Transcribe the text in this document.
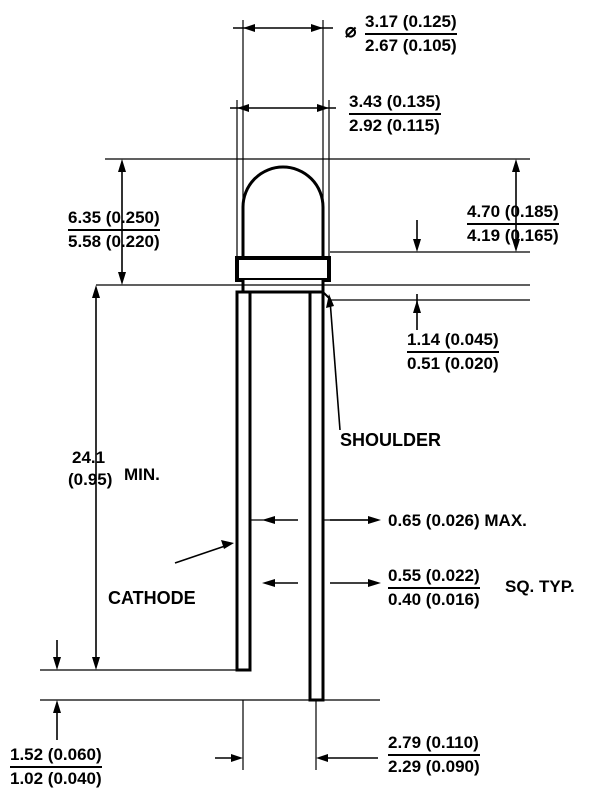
⌀ $\frac{3.17 (0.125)}{2.67 (0.105)}$
$\frac{3.43 (0.135)}{2.92 (0.115)}$
$\frac{6.35 (0.250)}{5.58 (0.220)}$	$\frac{4.70 (0.185)}{4.19 (0.165)}$
$\frac{1.14 (0.045)}{0.51 (0.020)}$
24.1
(0.95) MIN.
0.65 (0.026) MAX.
$\frac{0.55 (0.022)}{0.40 (0.016)}$ SQ. TYP.
$\frac{2.79 (0.110)}{2.29 (0.090)}$
$\frac{1.52 (0.060)}{1.02 (0.040)}$
SHOULDER
CATHODE
